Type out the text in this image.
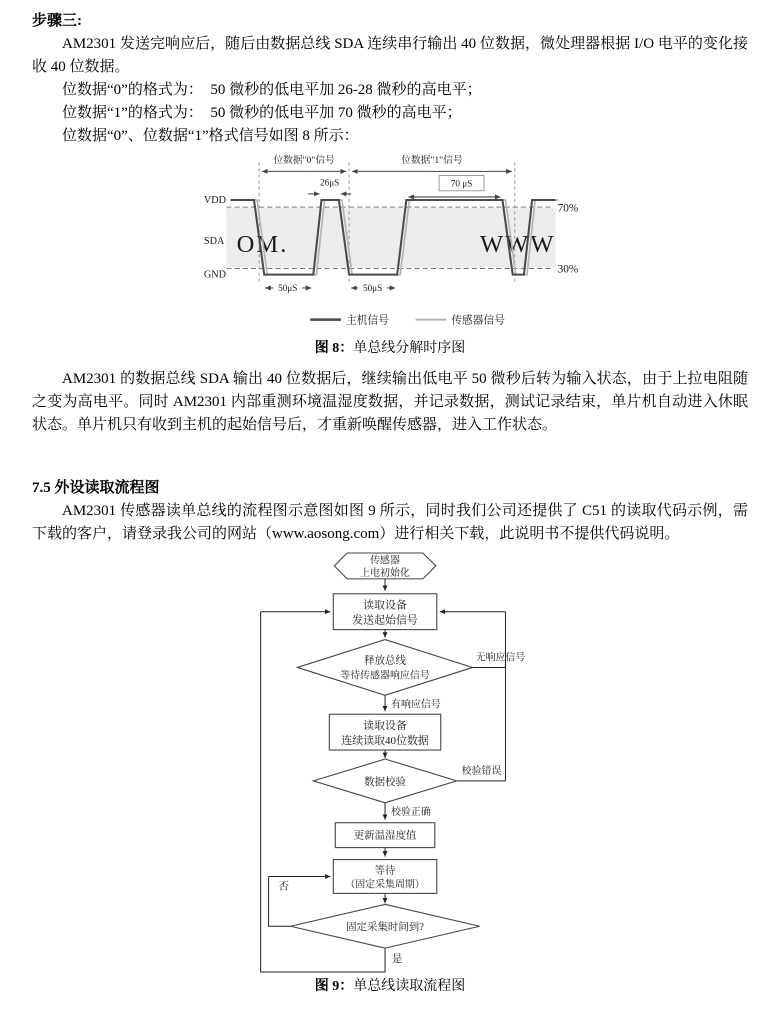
步骤三:

AM2301 发送完响应后，随后由数据总线 SDA 连续串行输出 40 位数据，微处理器根据 I/O 电平的变化接收 40 位数据。

位数据“0”的格式为：　50 微秒的低电平加 26-28 微秒的高电平；
位数据“1”的格式为：　50 微秒的低电平加 70 微秒的高电平；
位数据“0”、位数据“1”格式信号如图 8 所示：
OM.	WWW
70%
30%
VDD
SDA
GND
位数据"0"信号	位数据"1"信号
26μS	70 μS
50μS	50μS
主机信号	传感器信号
图 8：单总线分解时序图

AM2301 的数据总线 SDA 输出 40 位数据后，继续输出低电平 50 微秒后转为输入状态，由于上拉电阻随之变为高电平。同时 AM2301 内部重测环境温湿度数据，并记录数据，测试记录结束，单片机自动进入休眠状态。单片机只有收到主机的起始信号后，才重新唤醒传感器，进入工作状态。

7.5 外设读取流程图

AM2301 传感器读单总线的流程图示意图如图 9 所示，同时我们公司还提供了 C51 的读取代码示例，需下载的客户，请登录我公司的网站（www.aosong.com）进行相关下载，此说明书不提供代码说明。

传感器
上电初始化
读取设备
发送起始信号
释放总线
等待传感器响应信号
无响应信号
有响应信号
读取设备
连续读取40位数据
数据校验
校验错误
校验正确
更新温湿度值
等待
（固定采集周期）
固定采集时间到?
否
是
图 9：单总线读取流程图
